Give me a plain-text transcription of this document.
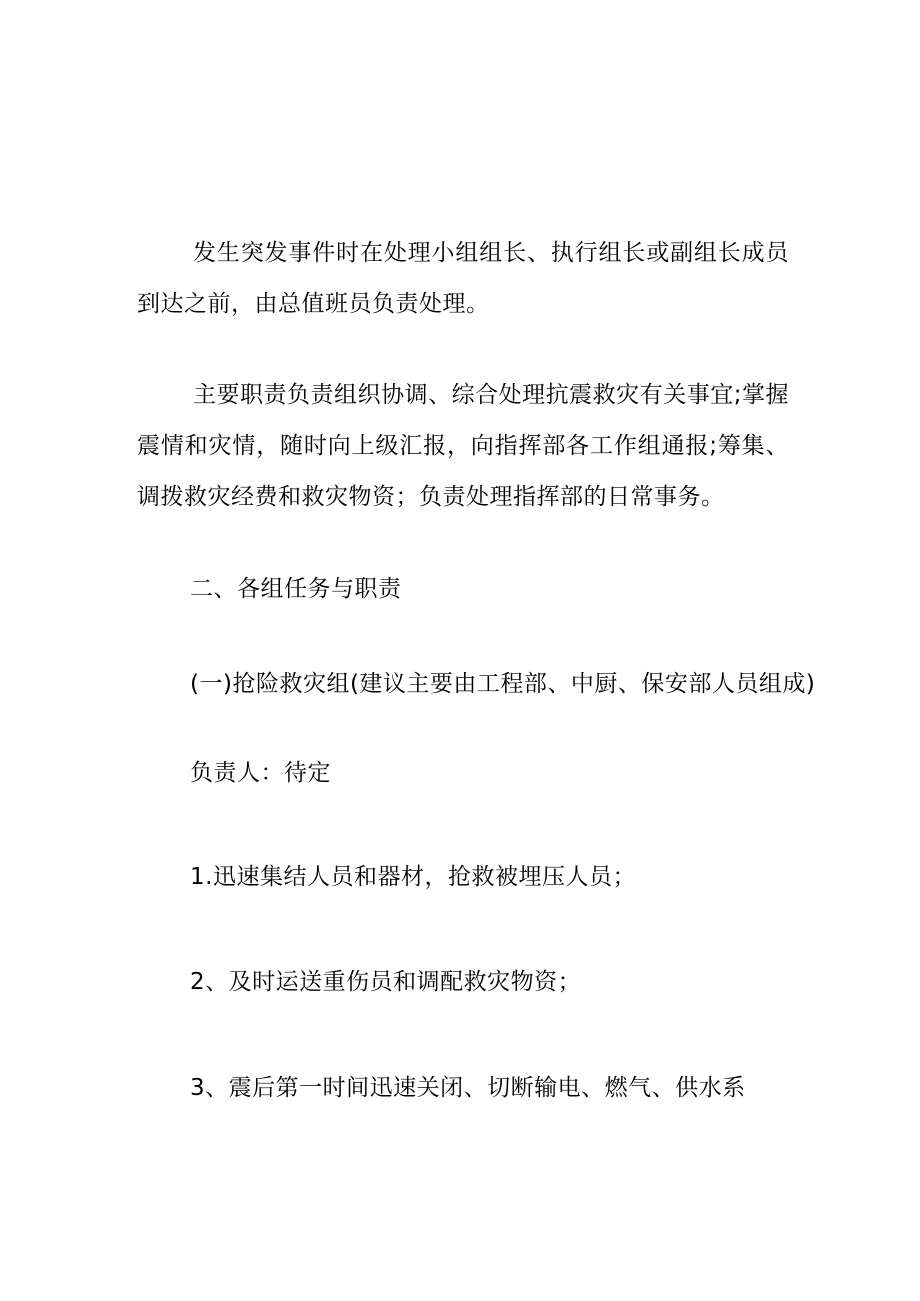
发生突发事件时在处理小组组长、执行组长或副组长成员到达之前，由总值班员负责处理。

主要职责负责组织协调、综合处理抗震救灾有关事宜;掌握震情和灾情，随时向上级汇报，向指挥部各工作组通报;筹集、调拨救灾经费和救灾物资；负责处理指挥部的日常事务。

二、各组任务与职责

(一)抢险救灾组(建议主要由工程部、中厨、保安部人员组成)

负责人：待定

1.迅速集结人员和器材，抢救被埋压人员；

2、及时运送重伤员和调配救灾物资；

3、震后第一时间迅速关闭、切断输电、燃气、供水系
